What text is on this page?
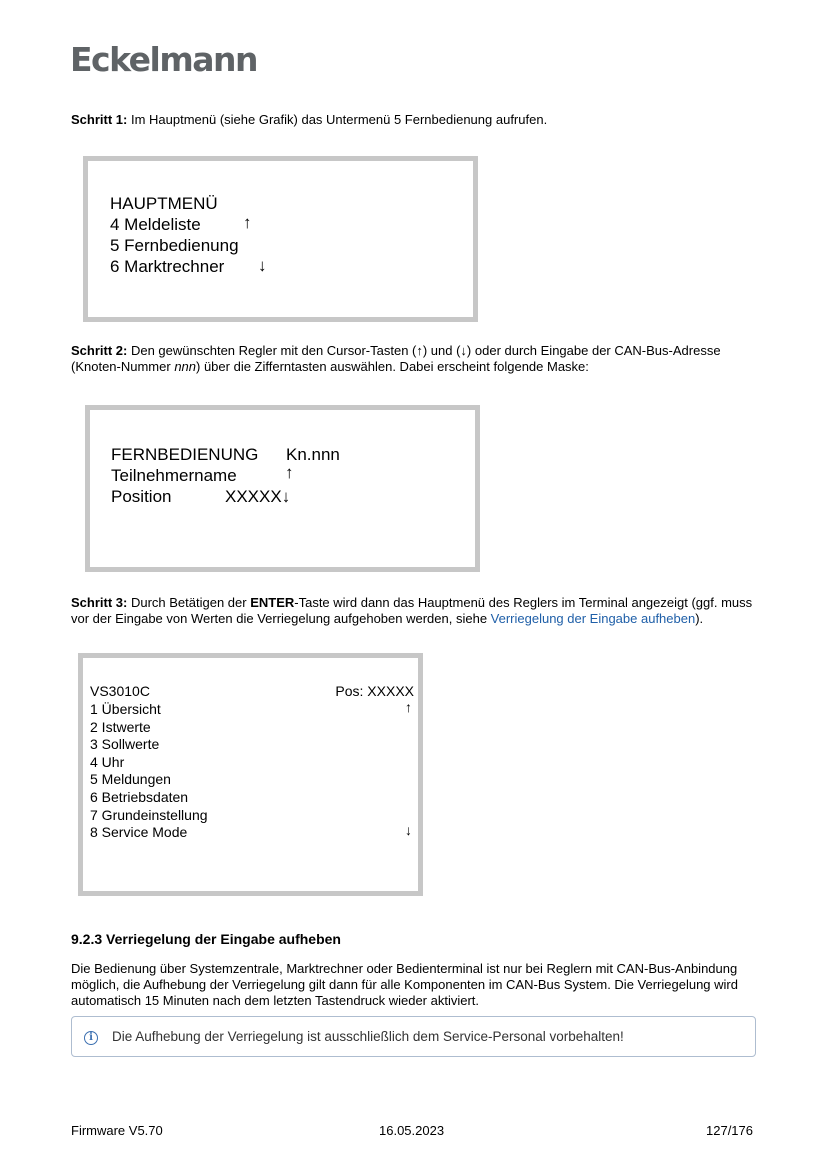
Eckelmann

Schritt 1: Im Hauptmenü (siehe Grafik) das Untermenü 5 Fernbedienung aufrufen.

HAUPTMENÜ
4 Meldeliste ↑
5 Fernbedienung
6 Marktrechner ↓

Schritt 2: Den gewünschten Regler mit den Cursor-Tasten (↑) und (↓) oder durch Eingabe der CAN-Bus-Adresse (Knoten-Nummer nnn) über die Zifferntasten auswählen. Dabei erscheint folgende Maske:

FERNBEDIENUNG Kn.nnn
Teilnehmername	↑
Position	XXXXX↓

Schritt 3: Durch Betätigen der ENTER-Taste wird dann das Hauptmenü des Reglers im Terminal angezeigt (ggf. muss vor der Eingabe von Werten die Verriegelung aufgehoben werden, siehe Verriegelung der Eingabe aufheben).

VS3010C	Pos: XXXXX
↑
1 Übersicht
2 Istwerte
3 Sollwerte
4 Uhr
5 Meldungen
6 Betriebsdaten
7 Grundeinstellung
8 Service Mode	↓
9.2.3 Verriegelung der Eingabe aufheben

Die Bedienung über Systemzentrale, Marktrechner oder Bedienterminal ist nur bei Reglern mit CAN-Bus-Anbindung möglich, die Aufhebung der Verriegelung gilt dann für alle Komponenten im CAN-Bus System. Die Verriegelung wird automatisch 15 Minuten nach dem letzten Tastendruck wieder aktiviert.

i	Die Aufhebung der Verriegelung ist ausschließlich dem Service-Personal vorbehalten!
Firmware V5.70	16.05.2023	127/176
